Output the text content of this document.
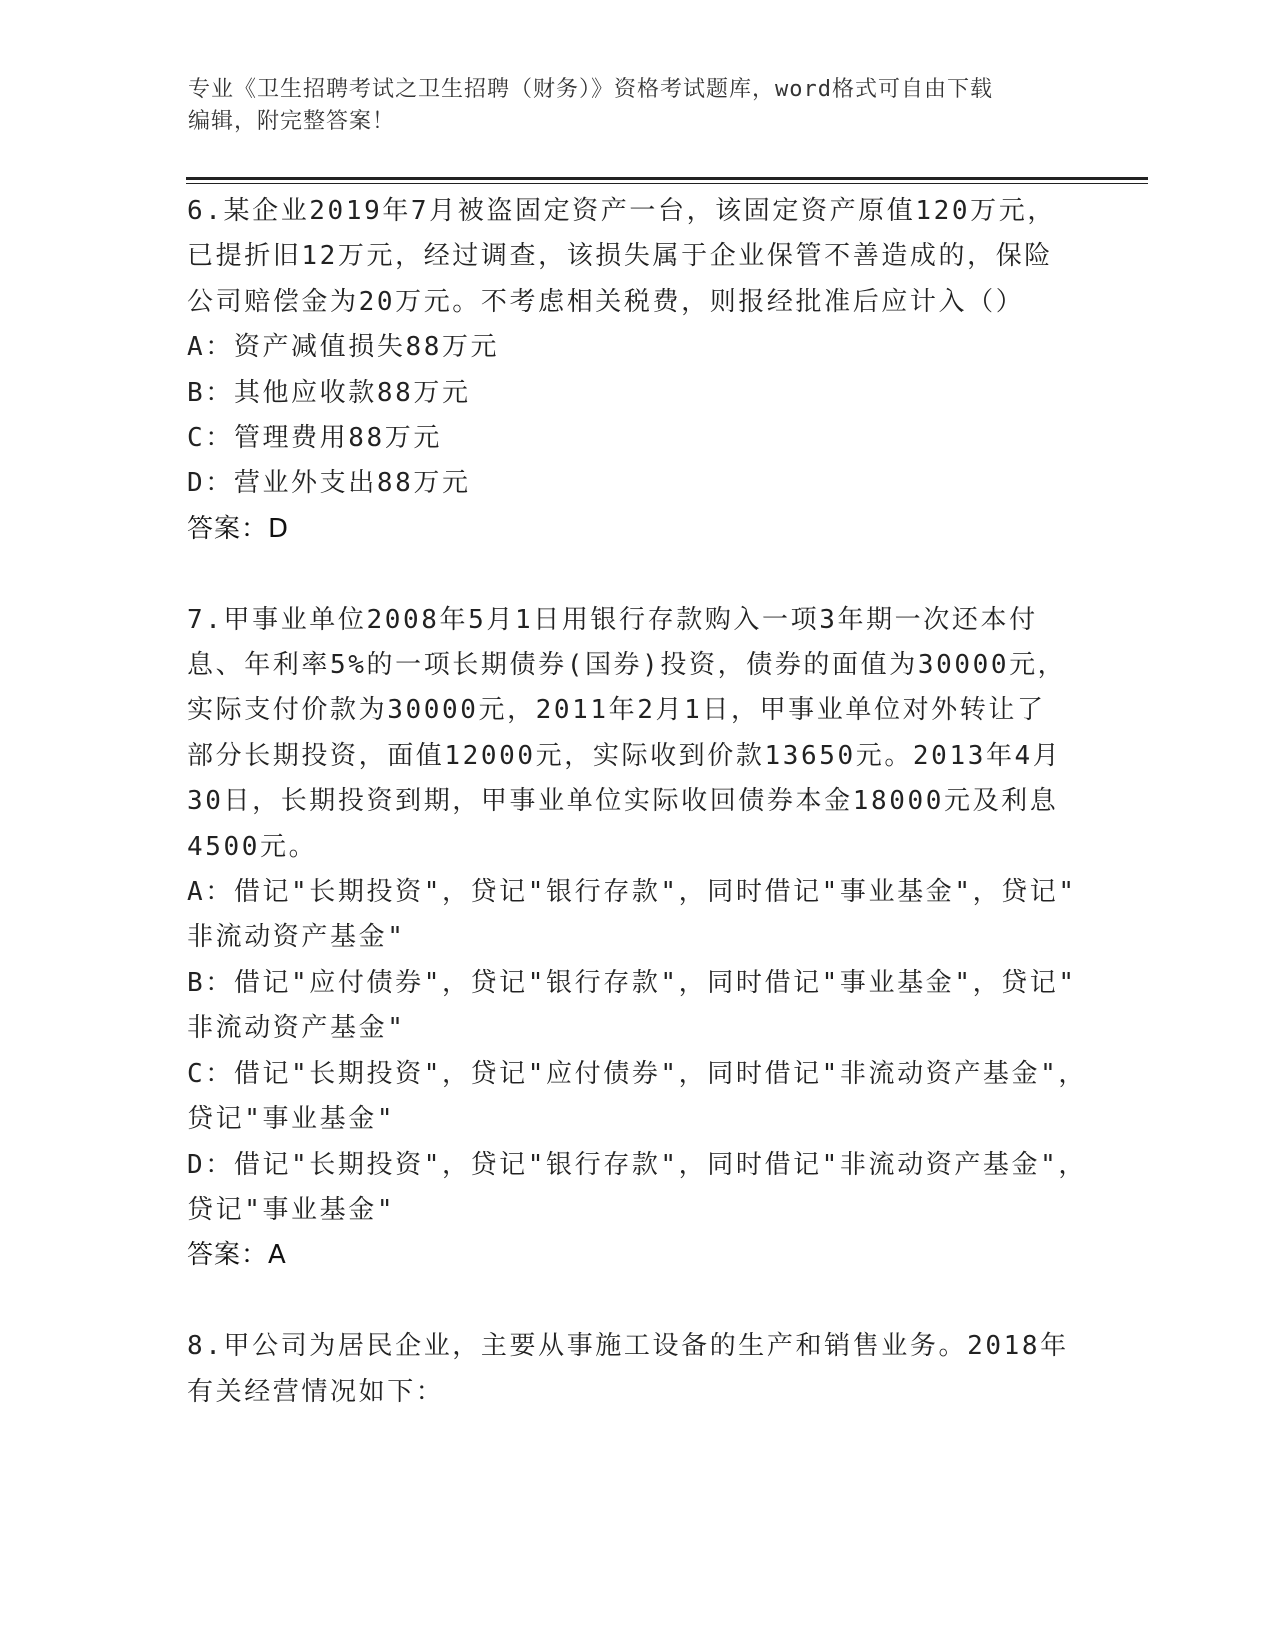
专业《卫生招聘考试之卫生招聘（财务）》资格考试题库，word格式可自由下载
编辑，附完整答案！
6.某企业2019年7月被盗固定资产一台，该固定资产原值120万元，
已提折旧12万元，经过调查，该损失属于企业保管不善造成的，保险
公司赔偿金为20万元。不考虑相关税费，则报经批准后应计入（）
A：资产减值损失88万元
B：其他应收款88万元
C：管理费用88万元
D：营业外支出88万元
答案：D
7.甲事业单位2008年5月1日用银行存款购入一项3年期一次还本付
息、年利率5%的一项长期债券(国券)投资，债券的面值为30000元，
实际支付价款为30000元，2011年2月1日，甲事业单位对外转让了
部分长期投资，面值12000元，实际收到价款13650元。2013年4月
30日，长期投资到期，甲事业单位实际收回债券本金18000元及利息
4500元。
A：借记"长期投资"，贷记"银行存款"，同时借记"事业基金"，贷记"
非流动资产基金"
B：借记"应付债券"，贷记"银行存款"，同时借记"事业基金"，贷记"
非流动资产基金"
C：借记"长期投资"，贷记"应付债券"，同时借记"非流动资产基金"，
贷记"事业基金"
D：借记"长期投资"，贷记"银行存款"，同时借记"非流动资产基金"，
贷记"事业基金"
答案：A
8.甲公司为居民企业，主要从事施工设备的生产和销售业务。2018年
有关经营情况如下：
